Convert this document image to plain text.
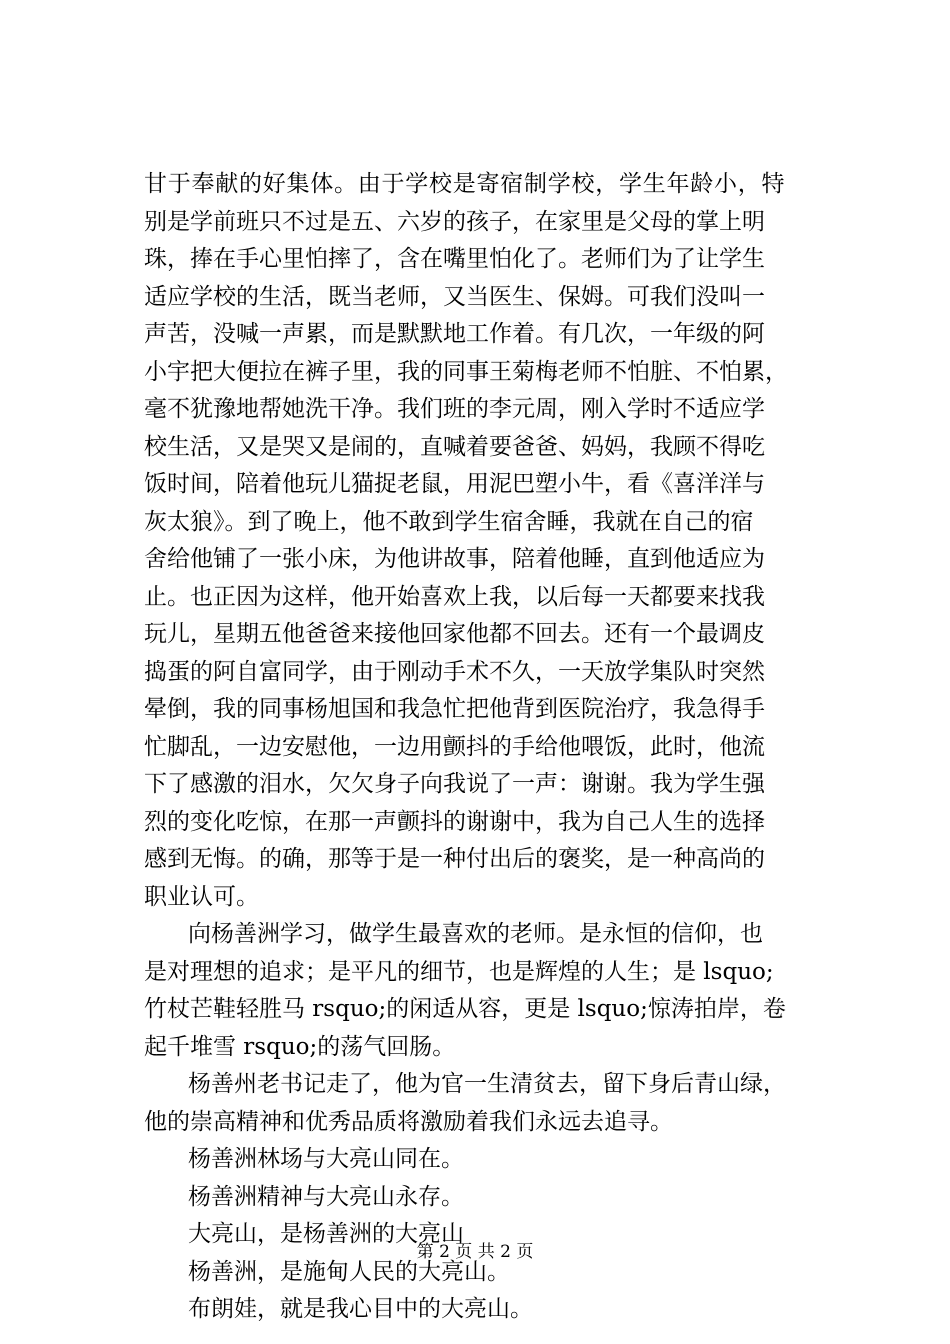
甘于奉献的好集体。由于学校是寄宿制学校，学生年龄小，特
别是学前班只不过是五、六岁的孩子，在家里是父母的掌上明
珠，捧在手心里怕摔了，含在嘴里怕化了。老师们为了让学生
适应学校的生活，既当老师，又当医生、保姆。可我们没叫一
声苦，没喊一声累，而是默默地工作着。有几次，一年级的阿
小宇把大便拉在裤子里，我的同事王菊梅老师不怕脏、不怕累，
毫不犹豫地帮她洗干净。我们班的李元周，刚入学时不适应学
校生活，又是哭又是闹的，直喊着要爸爸、妈妈，我顾不得吃
饭时间，陪着他玩儿猫捉老鼠，用泥巴塑小牛，看《喜洋洋与
灰太狼》。到了晚上，他不敢到学生宿舍睡，我就在自己的宿
舍给他铺了一张小床，为他讲故事，陪着他睡，直到他适应为
止。也正因为这样，他开始喜欢上我，以后每一天都要来找我
玩儿，星期五他爸爸来接他回家他都不回去。还有一个最调皮
捣蛋的阿自富同学，由于刚动手术不久，一天放学集队时突然
晕倒，我的同事杨旭国和我急忙把他背到医院治疗，我急得手
忙脚乱，一边安慰他，一边用颤抖的手给他喂饭，此时，他流
下了感激的泪水，欠欠身子向我说了一声：谢谢。我为学生强
烈的变化吃惊，在那一声颤抖的谢谢中，我为自己人生的选择
感到无悔。的确，那等于是一种付出后的褒奖，是一种高尚的
职业认可。
向杨善洲学习，做学生最喜欢的老师。是永恒的信仰，也
是对理想的追求；是平凡的细节，也是辉煌的人生；是 lsquo;
竹杖芒鞋轻胜马 rsquo;的闲适从容，更是 lsquo;惊涛拍岸，卷
起千堆雪 rsquo;的荡气回肠。
杨善州老书记走了，他为官一生清贫去，留下身后青山绿，
他的崇高精神和优秀品质将激励着我们永远去追寻。
杨善洲林场与大亮山同在。
杨善洲精神与大亮山永存。
大亮山，是杨善洲的大亮山
杨善洲，是施甸人民的大亮山。
布朗娃，就是我心目中的大亮山。
第 2 页 共 2 页
